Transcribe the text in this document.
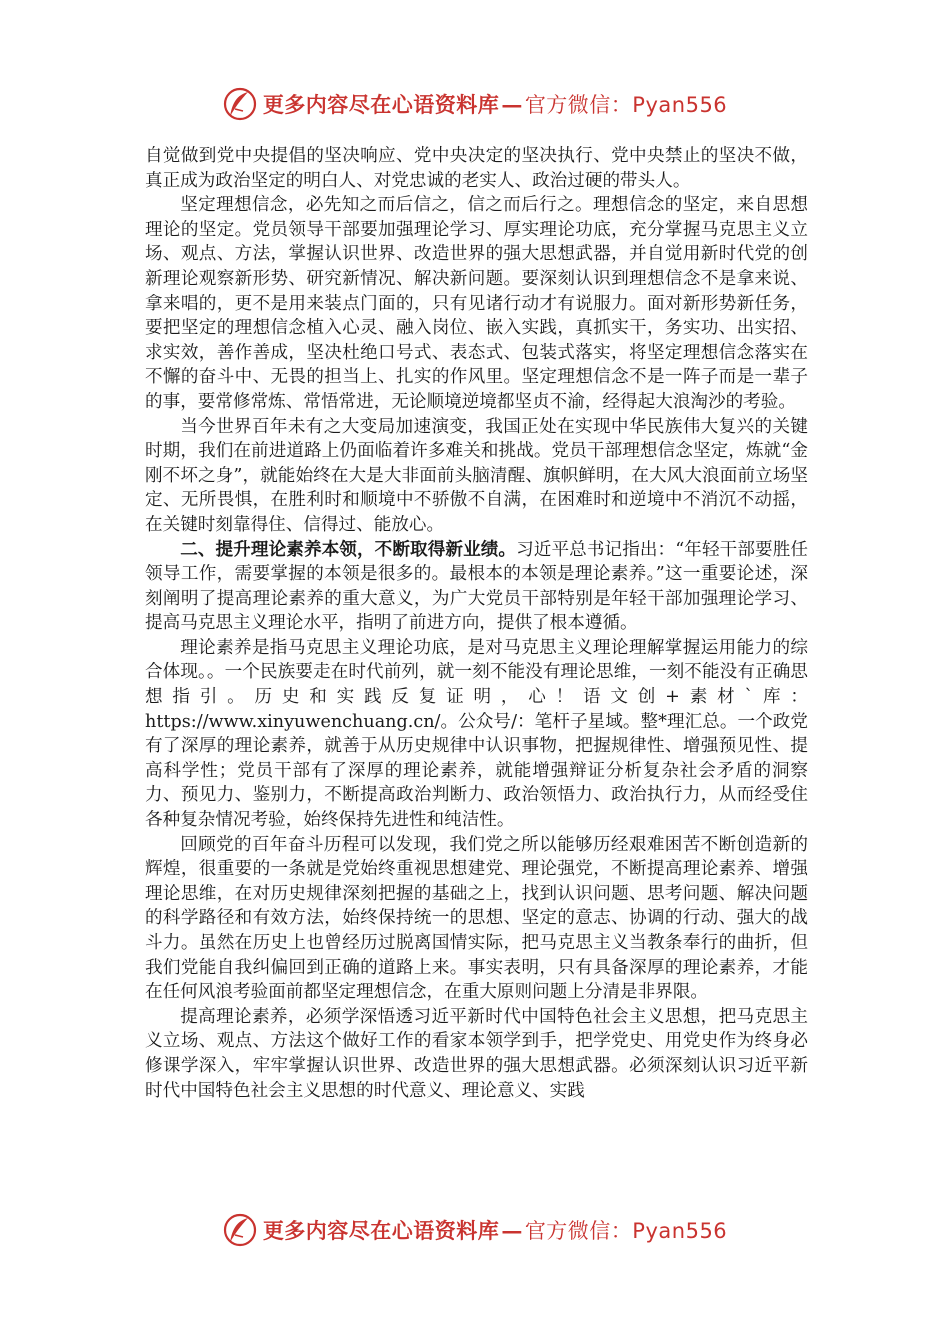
更多内容尽在心语资料库—官方微信：Pyan556

自觉做到党中央提倡的坚决响应、党中央决定的坚决执行、党中央禁止的坚决不做，真正成为政治坚定的明白人、对党忠诚的老实人、政治过硬的带头人。

坚定理想信念，必先知之而后信之，信之而后行之。理想信念的坚定，来自思想理论的坚定。党员领导干部要加强理论学习、厚实理论功底，充分掌握马克思主义立场、观点、方法，掌握认识世界、改造世界的强大思想武器，并自觉用新时代党的创新理论观察新形势、研究新情况、解决新问题。要深刻认识到理想信念不是拿来说、拿来唱的，更不是用来装点门面的，只有见诸行动才有说服力。面对新形势新任务，要把坚定的理想信念植入心灵、融入岗位、嵌入实践，真抓实干，务实功、出实招、求实效，善作善成，坚决杜绝口号式、表态式、包装式落实，将坚定理想信念落实在不懈的奋斗中、无畏的担当上、扎实的作风里。坚定理想信念不是一阵子而是一辈子的事，要常修常炼、常悟常进，无论顺境逆境都坚贞不渝，经得起大浪淘沙的考验。

当今世界百年未有之大变局加速演变，我国正处在实现中华民族伟大复兴的关键时期，我们在前进道路上仍面临着许多难关和挑战。党员干部理想信念坚定，炼就“金刚不坏之身”，就能始终在大是大非面前头脑清醒、旗帜鲜明，在大风大浪面前立场坚定、无所畏惧，在胜利时和顺境中不骄傲不自满，在困难时和逆境中不消沉不动摇，在关键时刻靠得住、信得过、能放心。

二、提升理论素养本领，不断取得新业绩。习近平总书记指出：“年轻干部要胜任领导工作，需要掌握的本领是很多的。最根本的本领是理论素养。”这一重要论述，深刻阐明了提高理论素养的重大意义，为广大党员干部特别是年轻干部加强理论学习、提高马克思主义理论水平，指明了前进方向，提供了根本遵循。

理论素养是指马克思主义理论功底，是对马克思主义理论理解掌握运用能力的综合体现。。一个民族要走在时代前列，就一刻不能没有理论思维，一刻不能没有正确思想指引。历史和实践反复证明，心！语文创+素材`库：https://www.xinyuwenchuang.cn/。公众号/：笔杆子星域。整*理汇总。一个政党有了深厚的理论素养，就善于从历史规律中认识事物，把握规律性、增强预见性、提高科学性；党员干部有了深厚的理论素养，就能增强辩证分析复杂社会矛盾的洞察力、预见力、鉴别力，不断提高政治判断力、政治领悟力、政治执行力，从而经受住各种复杂情况考验，始终保持先进性和纯洁性。

回顾党的百年奋斗历程可以发现，我们党之所以能够历经艰难困苦不断创造新的辉煌，很重要的一条就是党始终重视思想建党、理论强党，不断提高理论素养、增强理论思维，在对历史规律深刻把握的基础之上，找到认识问题、思考问题、解决问题的科学路径和有效方法，始终保持统一的思想、坚定的意志、协调的行动、强大的战斗力。虽然在历史上也曾经历过脱离国情实际，把马克思主义当教条奉行的曲折，但我们党能自我纠偏回到正确的道路上来。事实表明，只有具备深厚的理论素养，才能在任何风浪考验面前都坚定理想信念，在重大原则问题上分清是非界限。

提高理论素养，必须学深悟透习近平新时代中国特色社会主义思想，把马克思主义立场、观点、方法这个做好工作的看家本领学到手，把学党史、用党史作为终身必修课学深入，牢牢掌握认识世界、改造世界的强大思想武器。必须深刻认识习近平新时代中国特色社会主义思想的时代意义、理论意义、实践

更多内容尽在心语资料库—官方微信：Pyan556
